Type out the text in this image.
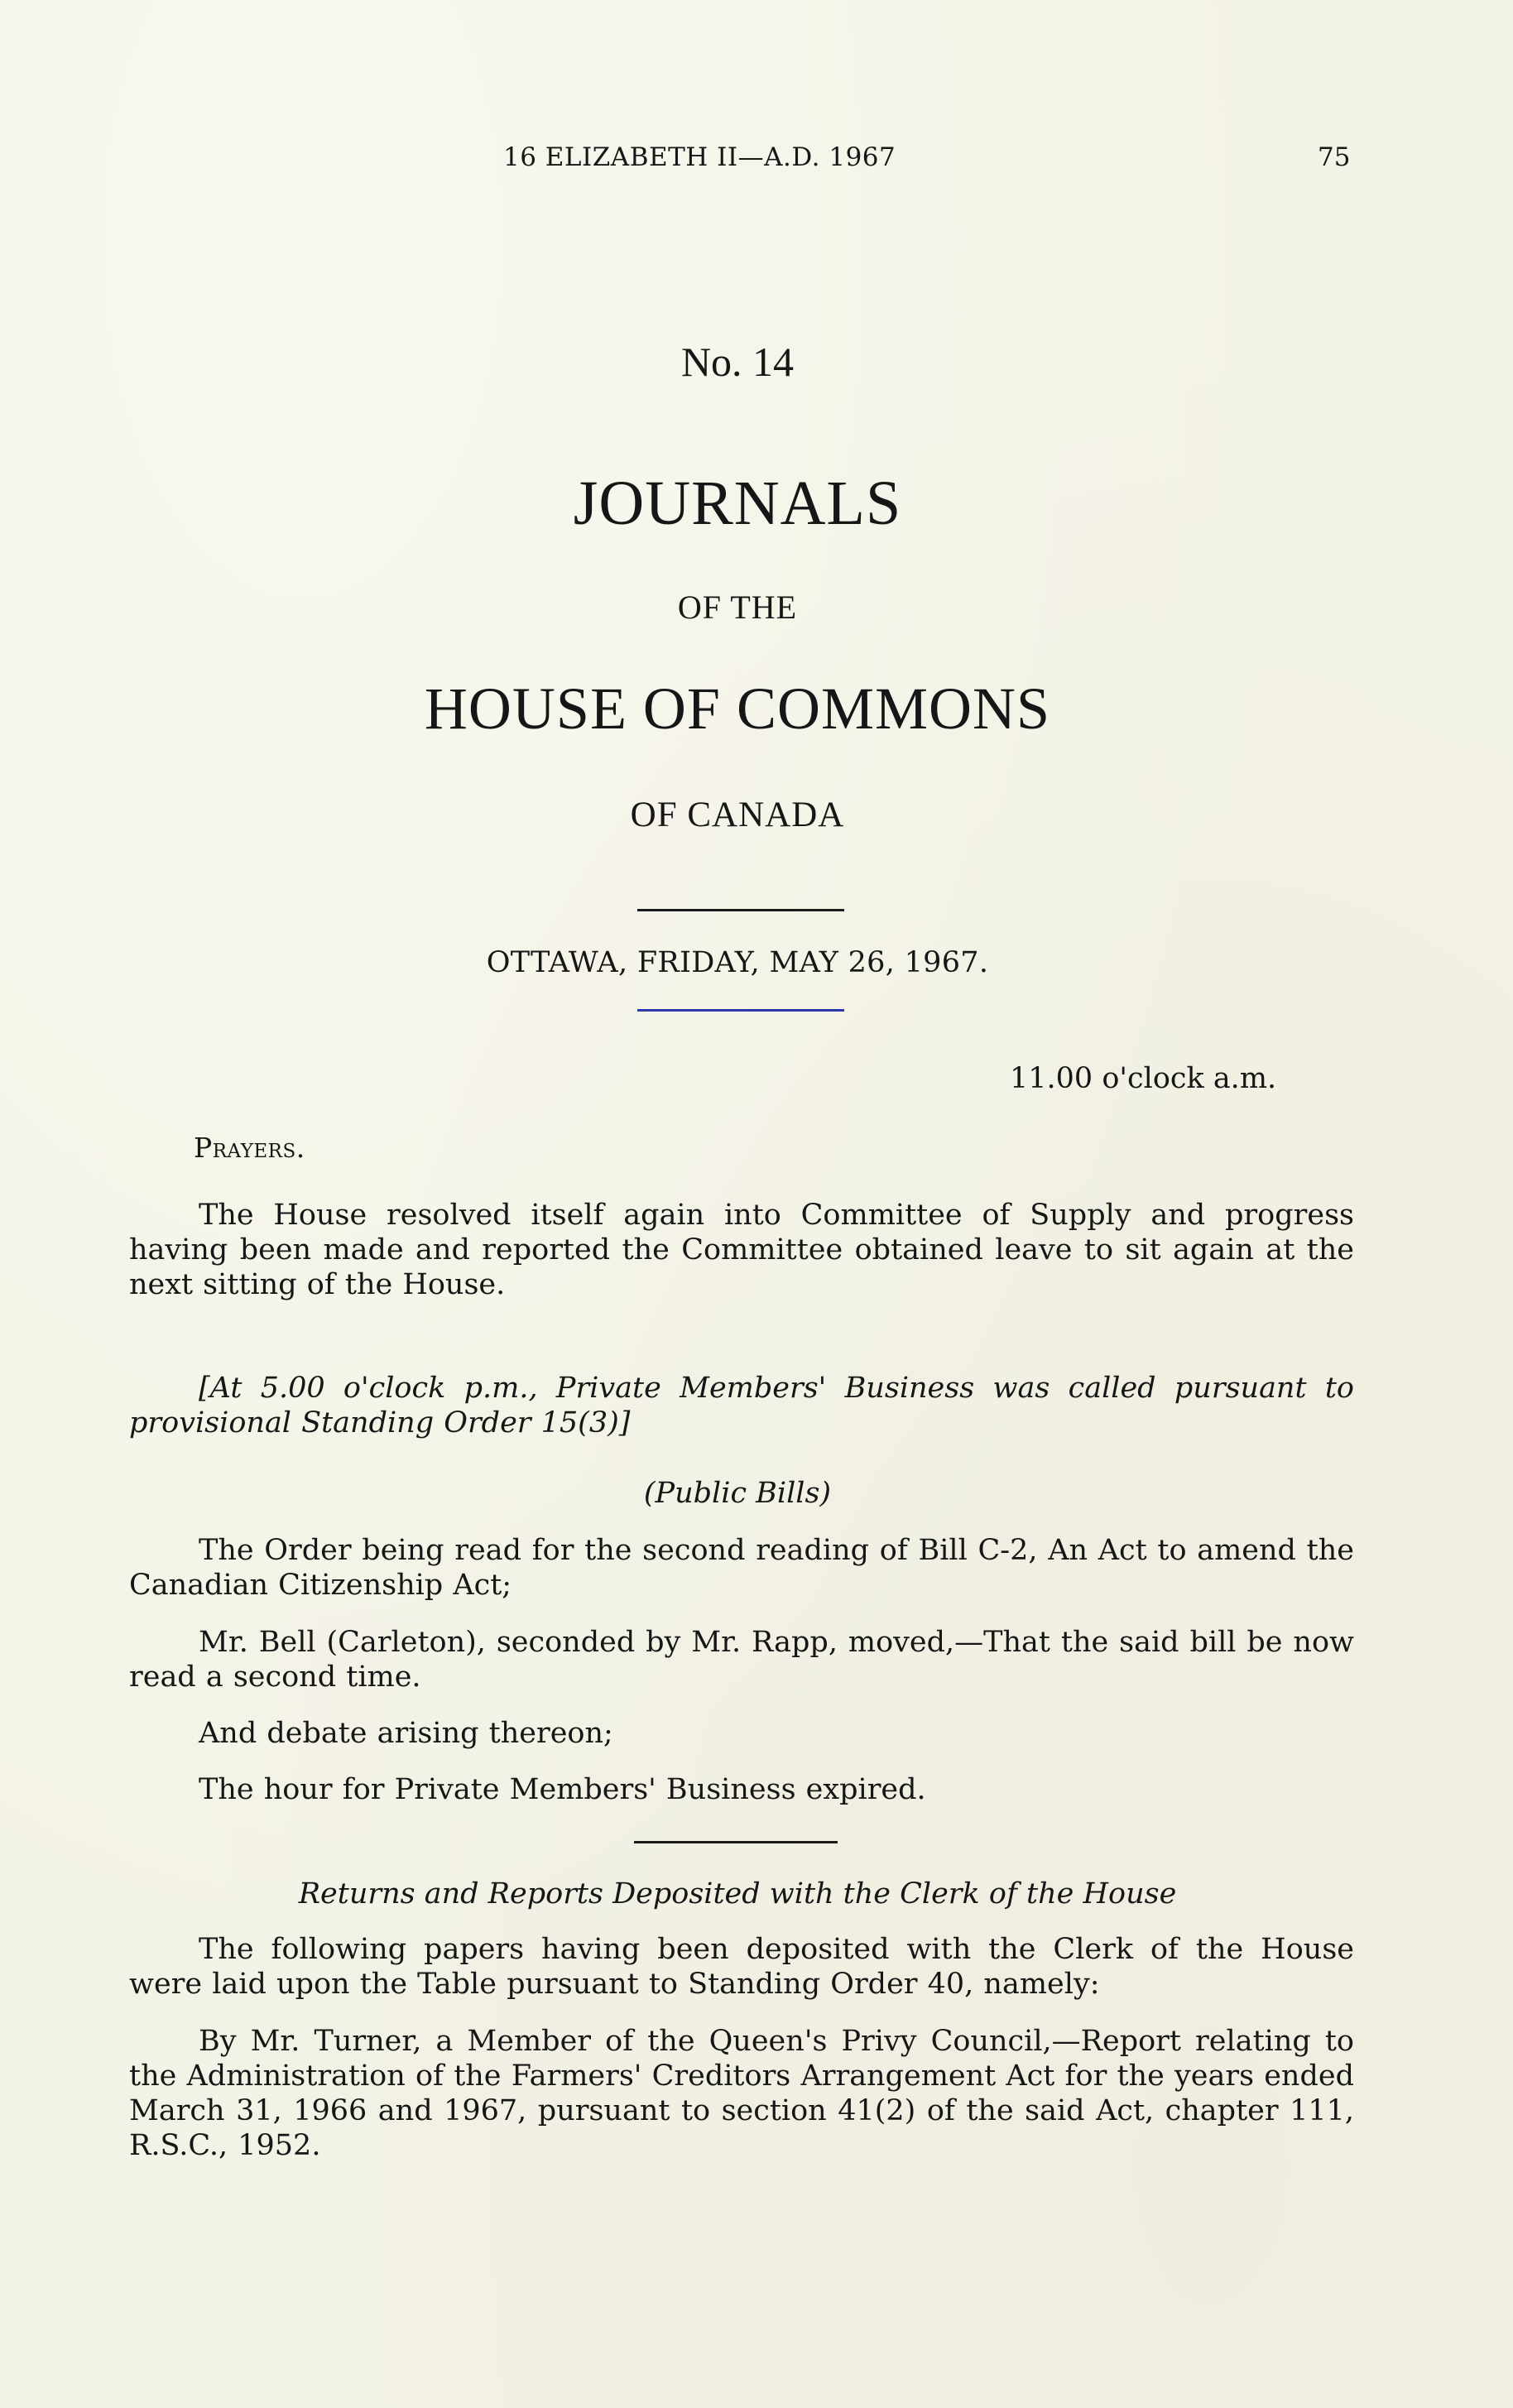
16 ELIZABETH II—A.D. 1967	75

No. 14

JOURNALS

OF THE

HOUSE OF COMMONS

OF CANADA

OTTAWA, FRIDAY, MAY 26, 1967.

11.00 o'clock a.m.

Prayers.

The House resolved itself again into Committee of Supply and progress having been made and reported the Committee obtained leave to sit again at the next sitting of the House.

[At 5.00 o'clock p.m., Private Members' Business was called pursuant to provisional Standing Order 15(3)]

(Public Bills)

The Order being read for the second reading of Bill C-2, An Act to amend the Canadian Citizenship Act;

Mr. Bell (Carleton), seconded by Mr. Rapp, moved,—That the said bill be now read a second time.

And debate arising thereon;

The hour for Private Members' Business expired.

Returns and Reports Deposited with the Clerk of the House

The following papers having been deposited with the Clerk of the House were laid upon the Table pursuant to Standing Order 40, namely:

By Mr. Turner, a Member of the Queen's Privy Council,—Report relating to the Administration of the Farmers' Creditors Arrangement Act for the years ended March 31, 1966 and 1967, pursuant to section 41(2) of the said Act, chapter 111, R.S.C., 1952.
